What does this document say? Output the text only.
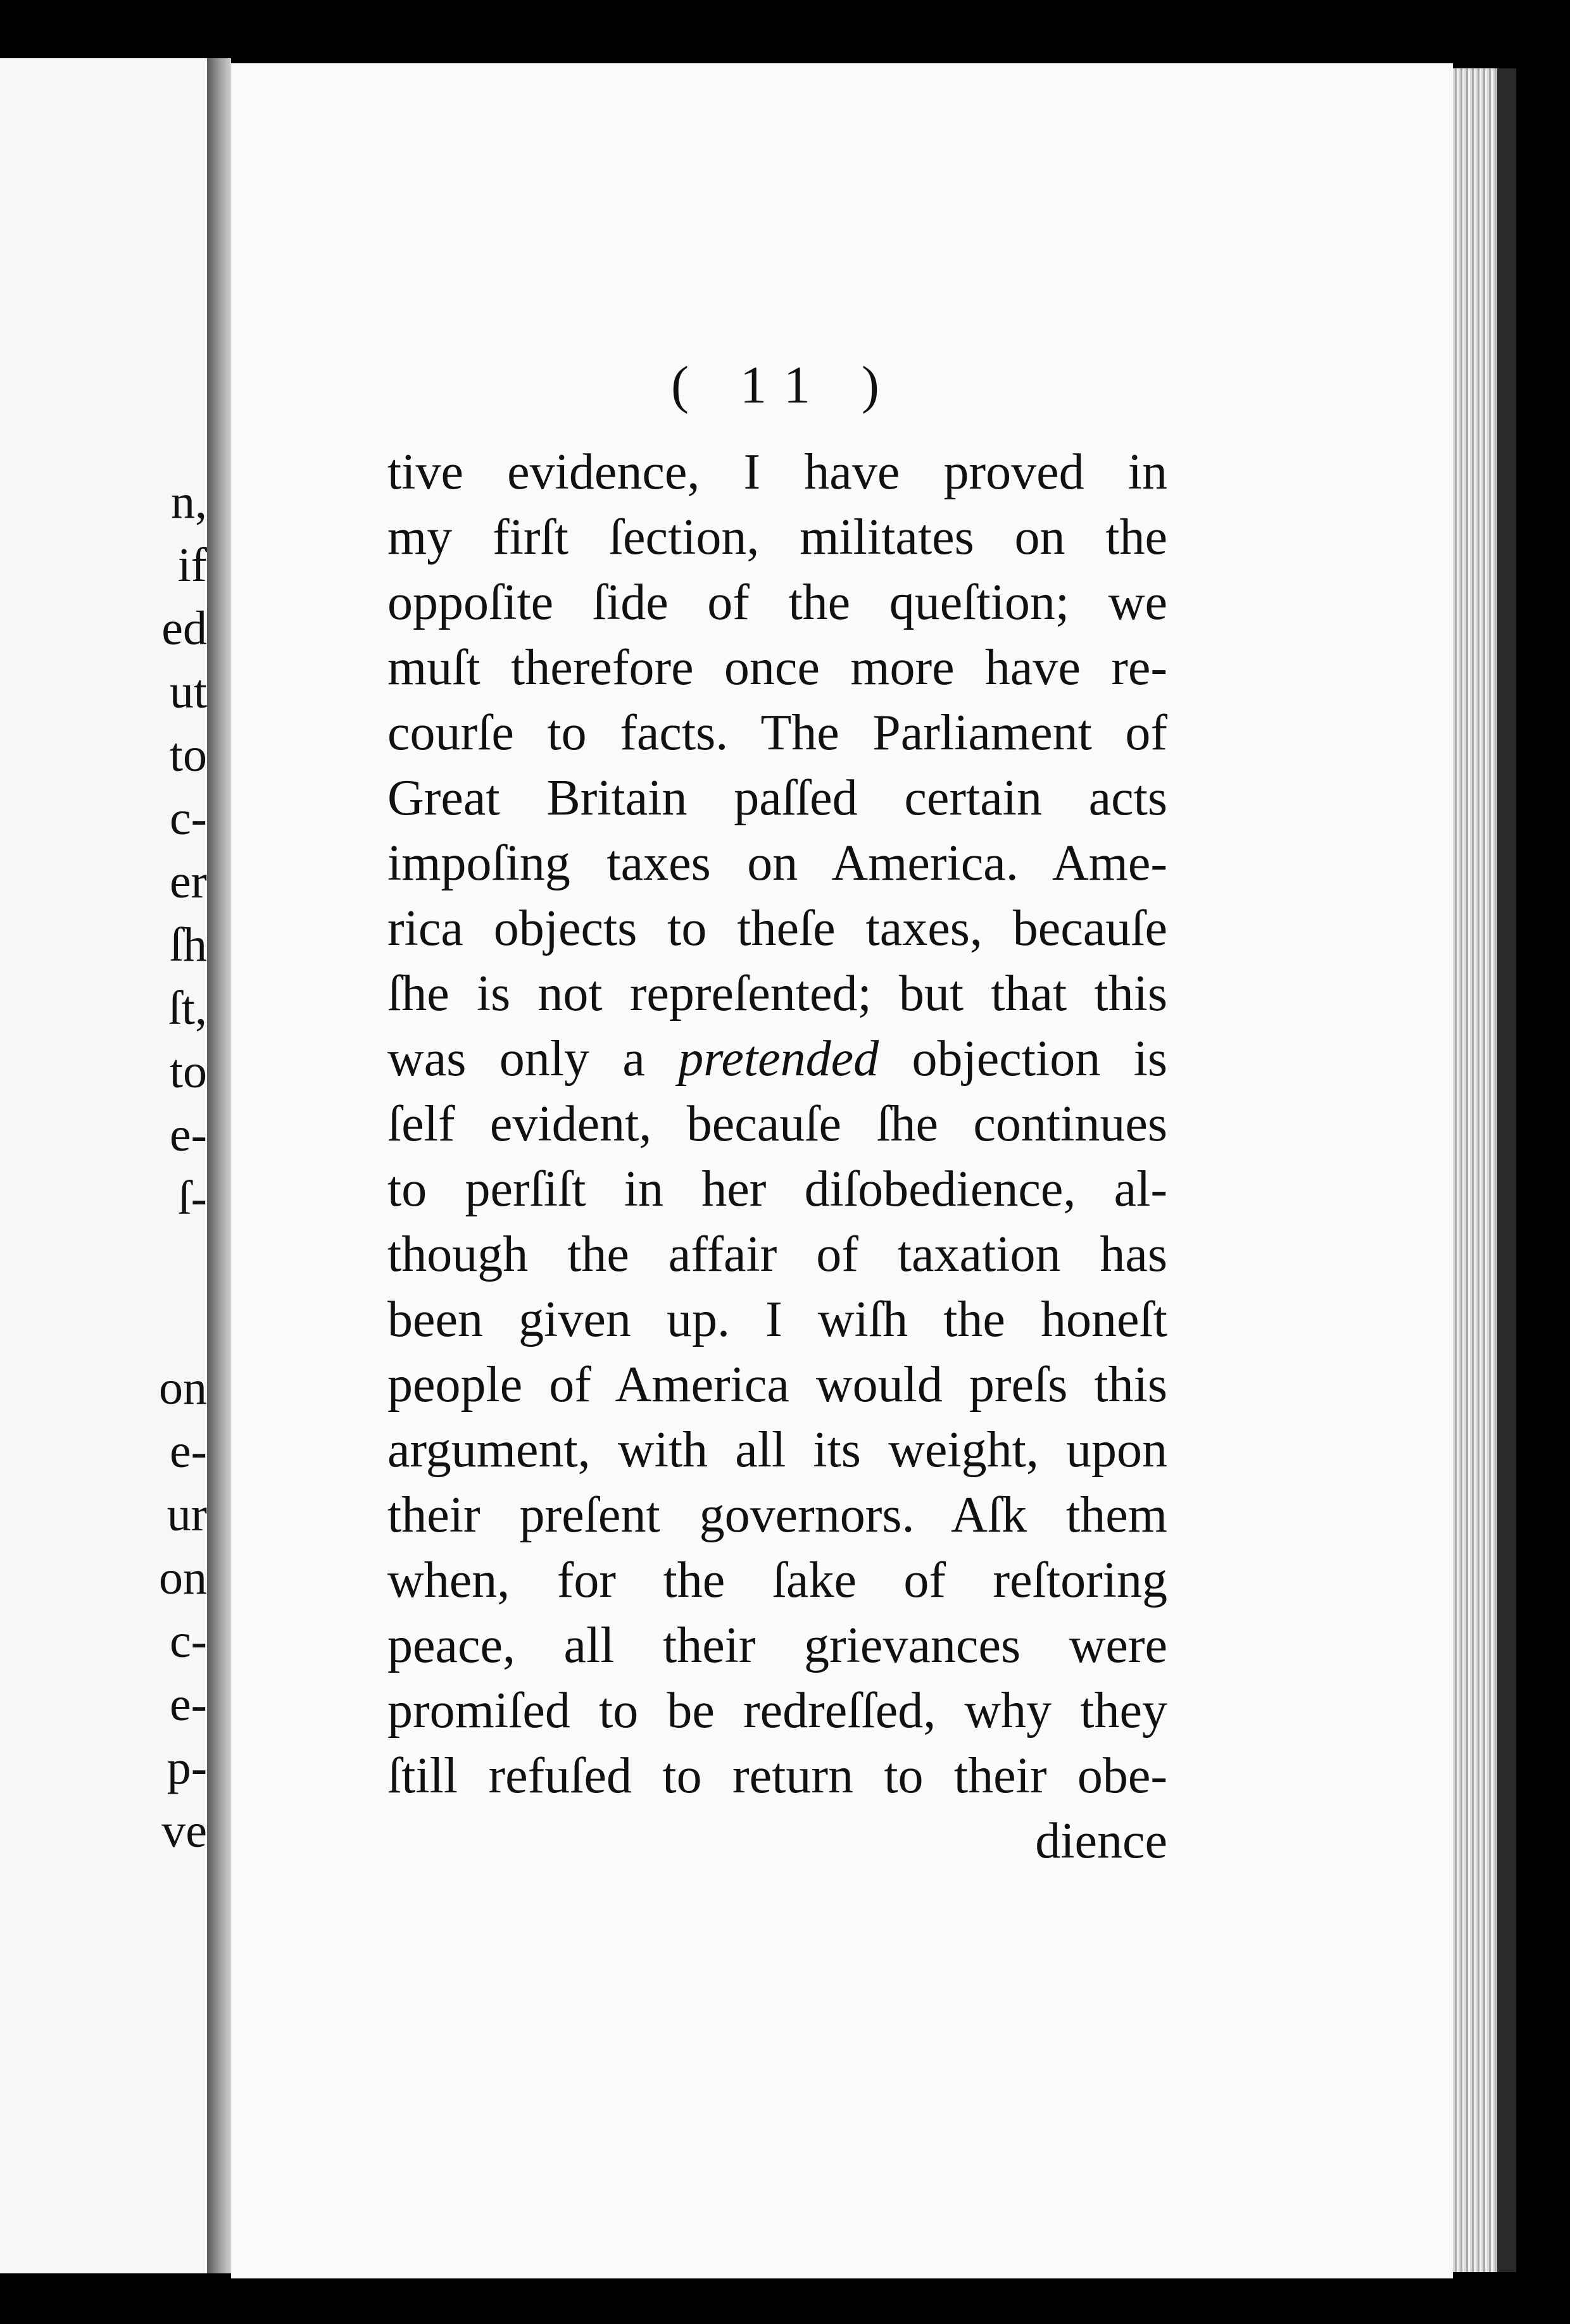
n,
if
ed
ut
to
c-
er
ſh
ſt,
to
e-
ſ-
on
e-
ur
on
c-
e-
p-
ve
( 11 )
tive evidence, I have proved in
my firſt ſection, militates on the
oppoſite ſide of the queſtion; we
muſt therefore once more have re-
courſe to facts. The Parliament of
Great Britain paſſed certain acts
impoſing taxes on America. Ame-
rica objects to theſe taxes, becauſe
ſhe is not repreſented; but that this
was only a pretended objection is
ſelf evident, becauſe ſhe continues
to perſiſt in her diſobedience, al-
though the affair of taxation has
been given up. I wiſh the honeſt
people of America would preſs this
argument, with all its weight, upon
their preſent governors. Aſk them
when, for the ſake of reſtoring
peace, all their grievances were
promiſed to be redreſſed, why they
ſtill refuſed to return to their obe-
dience
